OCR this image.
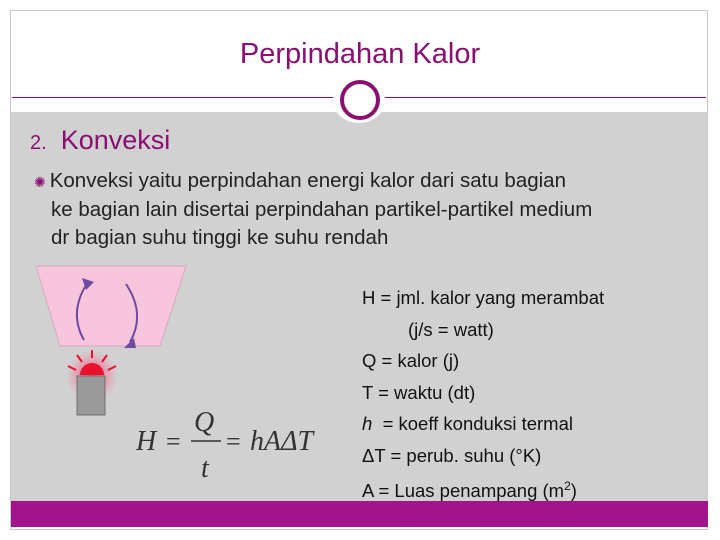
Perpindahan Kalor
2. Konveksi
✺ Konveksi yaitu perpindahan energi kalor dari satu bagian
ke bagian lain disertai perpindahan partikel-partikel medium
dr bagian suhu tinggi ke suhu rendah
H =
Q
t
= hAΔT
H = jml. kalor yang merambat
(j/s = watt)
Q = kalor (j)
T = waktu (dt)
h  = koeff konduksi termal
ΔT = perub. suhu (°K)
A = Luas penampang $(m^2)$
